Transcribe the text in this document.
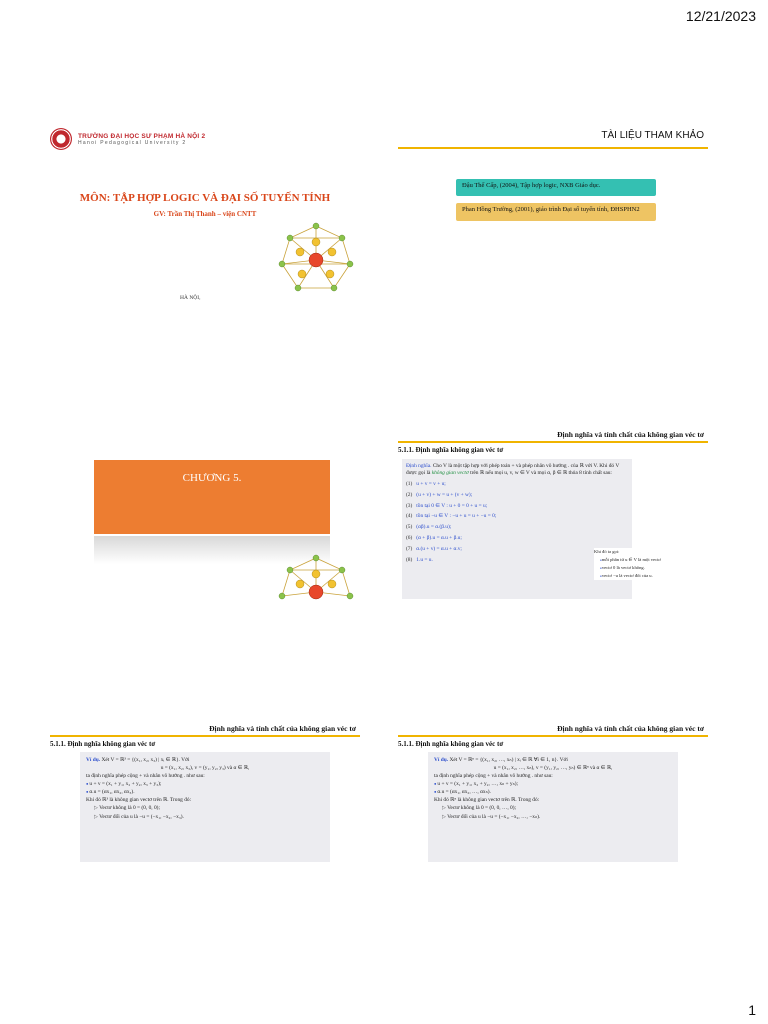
12/21/2023
TRƯỜNG ĐẠI HỌC SƯ PHẠM HÀ NỘI 2
Hanoi Pedagogical University 2
MÔN: TẬP HỢP LOGIC VÀ ĐẠI SỐ TUYẾN TÍNH
GV: Trần Thị Thanh – viện CNTT
HÀ NỘI,
TÀI LIỆU THAM KHẢO
Đậu Thế Cấp, (2004), Tập hợp logic, NXB Giáo dục.
Phan Hồng Trường, (2001), giáo trình Đại số tuyến tính, ĐHSPHN2
CHƯƠNG 5.
Định nghĩa và tính chất của không gian véc tơ
5.1.1. Định nghĩa không gian véc tơ
Định nghĩa. Cho V là một tập hợp với phép toán + và phép nhân vô hướng . của ℝ với V. Khi đó V được gọi là không gian vectơ trên ℝ nếu mọi u, v, w ∈ V và mọi α, β ∈ ℝ thỏa 8 tính chất sau:
(1) u + v = v + u;
(2) (u + v) + w = u + (v + w);
(3) tồn tại 0 ∈ V : u + 0 = 0 + u = u;
(4) tồn tại −u ∈ V : −u + u = u + −u = 0;
(5) (αβ).u = α.(β.u);
(6) (α + β).u = α.u + β.u;
(7) α.(u + v) = α.u + α.v;
(8) 1.u = u.
Khi đó ta gọi:
● mỗi phần tử u ∈ V là một vectơ
● vectơ 0 là vectơ không.
● vectơ −u là vectơ đối của u.
Định nghĩa và tính chất của không gian véc tơ
5.1.1. Định nghĩa không gian véc tơ
Ví dụ. Xét V = ℝ³ = {(x₁, x₂, x₃) | xᵢ ∈ ℝ}. Với
u = (x₁, x₂, x₃), v = (y₁, y₂, y₃) và α ∈ ℝ,
ta định nghĩa phép cộng + và nhân vô hướng . như sau:
● u + v = (x₁ + y₁, x₂ + y₂, x₃ + y₃);
● α.u = (αx₁, αx₂, αx₃).
Khi đó ℝ³ là không gian vectơ trên ℝ. Trong đó:
▷ Vectơ không là 0 = (0, 0, 0);
▷ Vectơ đối của u là −u = (−x₁, −x₂, −x₃).
Định nghĩa và tính chất của không gian véc tơ
5.1.1. Định nghĩa không gian véc tơ
Ví dụ. Xét V = ℝⁿ = {(x₁, x₂, …, xₙ) | xᵢ ∈ ℝ ∀i ∈ 1, n}. Với
u = (x₁, x₂, …, xₙ), v = (y₁, y₂, …, yₙ) ∈ ℝⁿ và α ∈ ℝ,
ta định nghĩa phép cộng + và nhân vô hướng . như sau:
● u + v = (x₁ + y₁, x₂ + y₂, …, xₙ + yₙ);
● α.u = (αx₁, αx₂, …, αxₙ).
Khi đó ℝⁿ là không gian vectơ trên ℝ. Trong đó:
▷ Vectơ không là 0 = (0, 0, …, 0);
▷ Vectơ đối của u là −u = (−x₁, −x₂, …, −xₙ).
1
